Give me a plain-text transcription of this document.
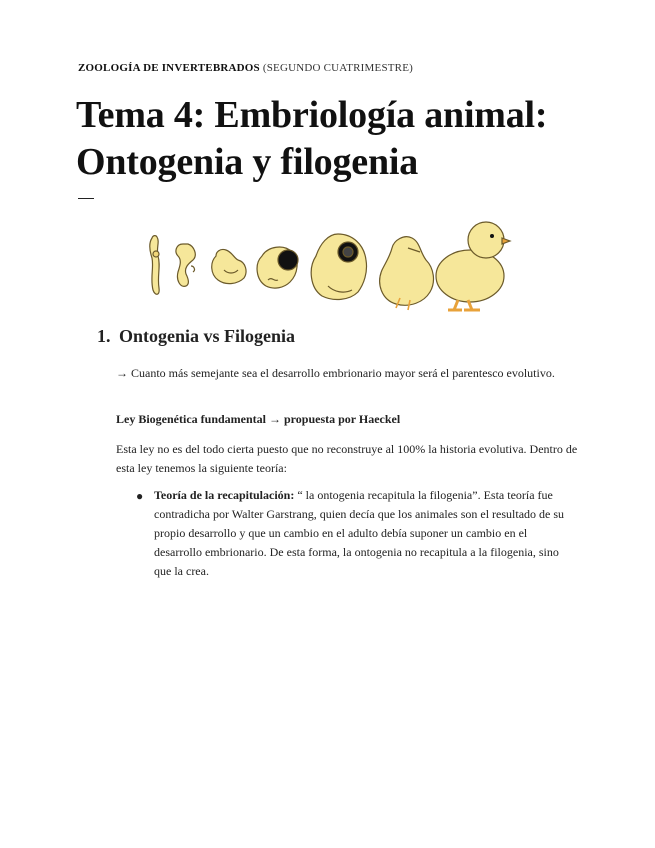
ZOOLOGÍA DE INVERTEBRADOS (SEGUNDO CUATRIMESTRE)
Tema 4: Embriología animal:
Ontogenia y filogenia
1. Ontogenia vs Filogenia

→ Cuanto más semejante sea el desarrollo embrionario mayor será el parentesco evolutivo.

Ley Biogenética fundamental → propuesta por Haeckel

Esta ley no es del todo cierta puesto que no reconstruye al 100% la historia evolutiva. Dentro de esta ley tenemos la siguiente teoría:

● Teoría de la recapitulación: “ la ontogenia recapitula la filogenia”. Esta teoría fue contradicha por Walter Garstrang, quien decía que los animales son el resultado de su propio desarrollo y que un cambio en el adulto debía suponer un cambio en el desarrollo embrionario. De esta forma, la ontogenia no recapitula a la filogenia, sino que la crea.
